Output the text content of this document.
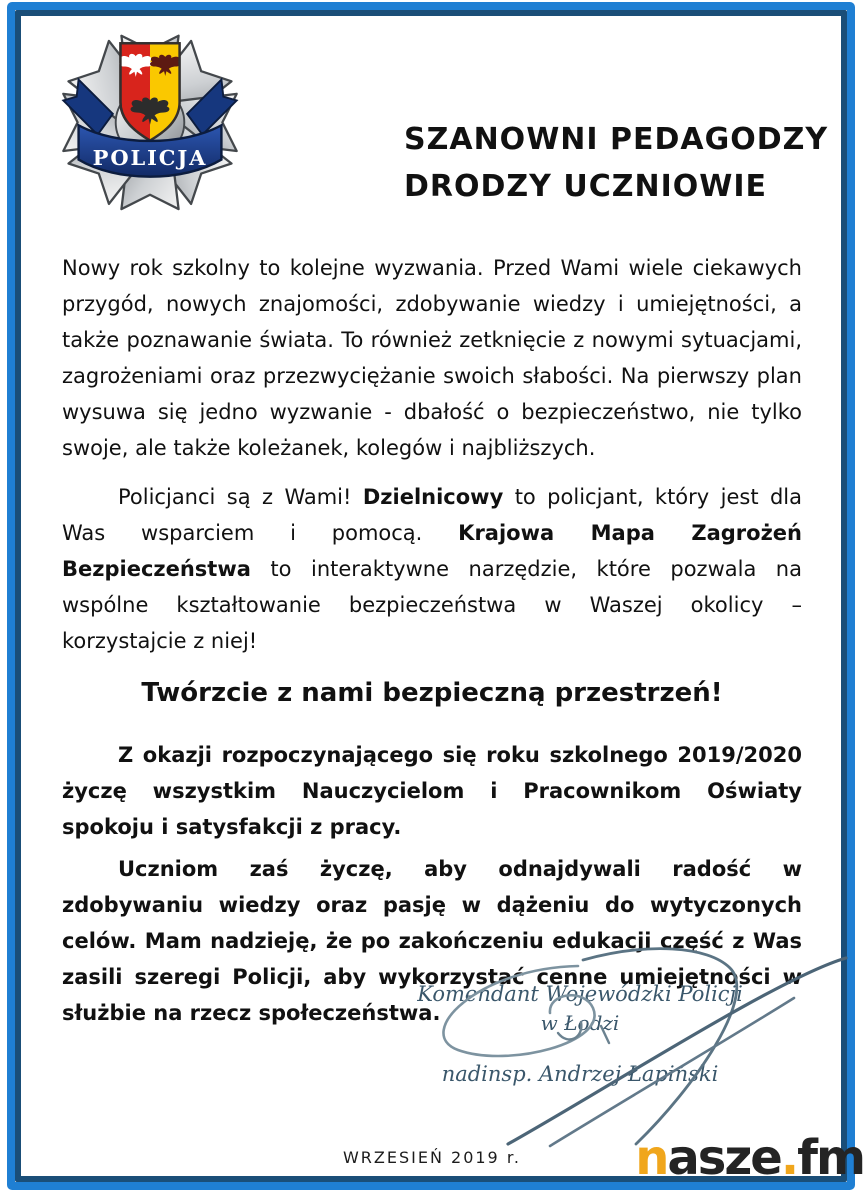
POLICJA
SZANOWNI PEDAGODZY
DRODZY UCZNIOWIE

Nowy rok szkolny to kolejne wyzwania. Przed Wami wiele ciekawych przygód, nowych znajomości, zdobywanie wiedzy i umiejętności, a także poznawanie świata. To również zetknięcie z nowymi sytuacjami, zagrożeniami oraz przezwyciężanie swoich słabości. Na pierwszy plan wysuwa się jedno wyzwanie - dbałość o bezpieczeństwo, nie tylko swoje, ale także koleżanek, kolegów i najbliższych.

Policjanci są z Wami! Dzielnicowy to policjant, który jest dla Was wsparciem i pomocą. Krajowa Mapa Zagrożeń Bezpieczeństwa to interaktywne narzędzie, które pozwala na wspólne kształtowanie bezpieczeństwa w Waszej okolicy – korzystajcie z niej!

Twórzcie z nami bezpieczną przestrzeń!

Z okazji rozpoczynającego się roku szkolnego 2019/2020 życzę wszystkim Nauczycielom i Pracownikom Oświaty spokoju i satysfakcji z pracy.

Uczniom zaś życzę, aby odnajdywali radość w zdobywaniu wiedzy oraz pasję w dążeniu do wytyczonych celów. Mam nadzieję, że po zakończeniu edukacji część z Was zasili szeregi Policji, aby wykorzystać cenne umiejętności w służbie na rzecz społeczeństwa.

Komendant Wojewódzki Policji
w Łodzi
nadinsp. Andrzej Łapiński
WRZESIEŃ 2019 r.	nasze.fm
